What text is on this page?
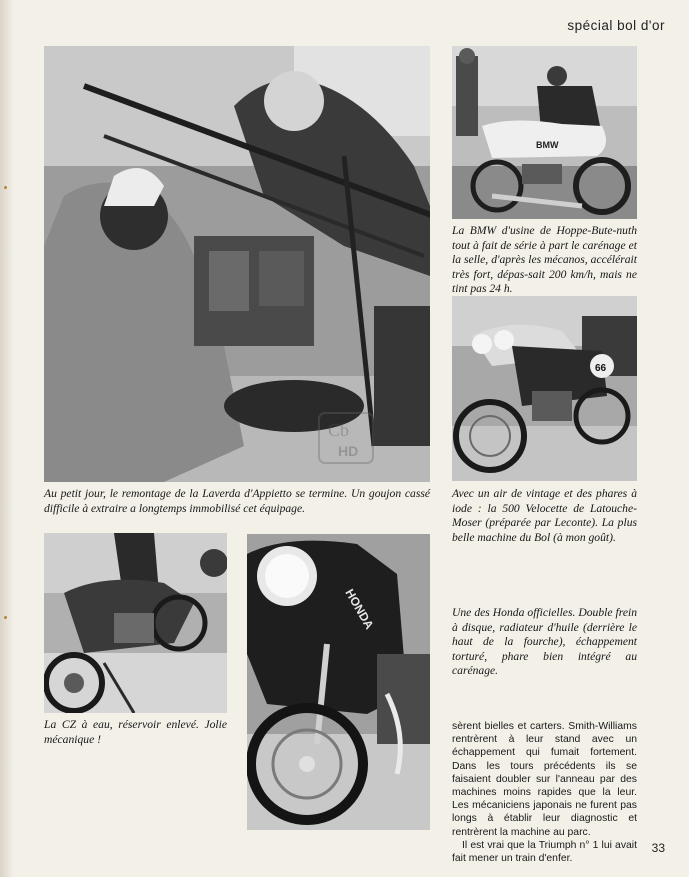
spécial bol d'or
BMW
La BMW d'usine de Hoppe-Bute-nuth tout à fait de série à part le carénage et la selle, d'après les mécanos, accélérait très fort, dépas-sait 200 km/h, mais ne tint pas 24 h.
66
Au petit jour, le remontage de la Laverda d'Appietto se termine. Un goujon cassé difficile à extraire a longtemps immobilisé cet équipage.
Avec un air de vintage et des phares à iode : la 500 Velocette de Latouche-Moser (préparée par Leconte). La plus belle machine du Bol (à mon goût).
La CZ à eau, réservoir enlevé. Jolie mécanique !
HONDA	Une des Honda officielles. Double frein à disque, radiateur d'huile (derrière le haut de la fourche), échappement torturé, phare bien intégré au carénage.

sèrent bielles et carters. Smith-Williams rentrèrent à leur stand avec un échappement qui fumait fortement. Dans les tours précédents ils se faisaient doubler sur l'anneau par des machines moins rapides que la leur. Les mécaniciens japonais ne furent pas longs à établir leur diagnostic et rentrèrent la machine au parc.

Il est vrai que la Triumph n° 1 lui avait fait mener un train d'enfer.

Cb
HD
33
